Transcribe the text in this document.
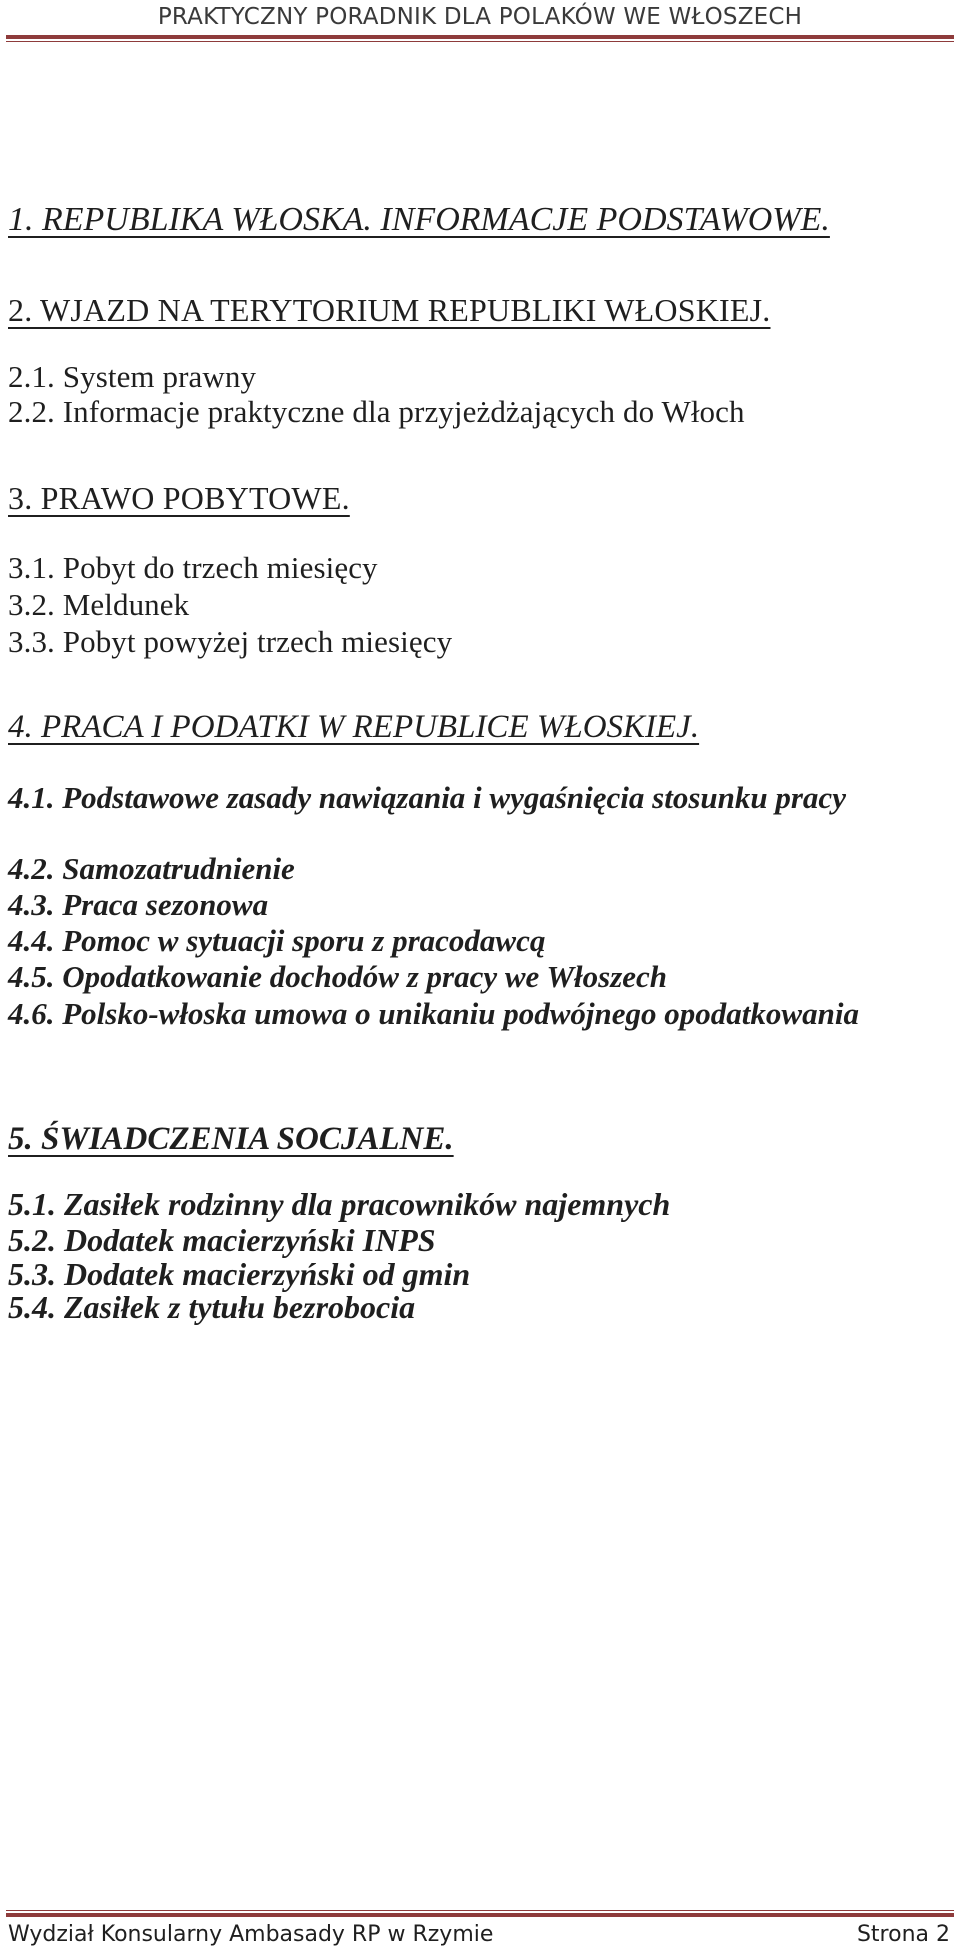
PRAKTYCZNY PORADNIK DLA POLAKÓW WE WŁOSZECH

1. REPUBLIKA WŁOSKA. INFORMACJE PODSTAWOWE.

2. WJAZD NA TERYTORIUM REPUBLIKI WŁOSKIEJ.

2.1. System prawny

2.2. Informacje praktyczne dla przyjeżdżających do Włoch

3. PRAWO POBYTOWE.

3.1. Pobyt do trzech miesięcy

3.2. Meldunek

3.3. Pobyt powyżej trzech miesięcy

4. PRACA I PODATKI W REPUBLICE WŁOSKIEJ.

4.1. Podstawowe zasady nawiązania i wygaśnięcia stosunku pracy

4.2. Samozatrudnienie

4.3. Praca sezonowa

4.4. Pomoc w sytuacji sporu z pracodawcą

4.5. Opodatkowanie dochodów z pracy we Włoszech

4.6. Polsko-włoska umowa o unikaniu podwójnego opodatkowania

5. ŚWIADCZENIA SOCJALNE.

5.1. Zasiłek rodzinny dla pracowników najemnych

5.2. Dodatek macierzyński INPS

5.3. Dodatek macierzyński od gmin

5.4. Zasiłek z tytułu bezrobocia

Wydział Konsularny Ambasady RP w Rzymie	Strona 2
